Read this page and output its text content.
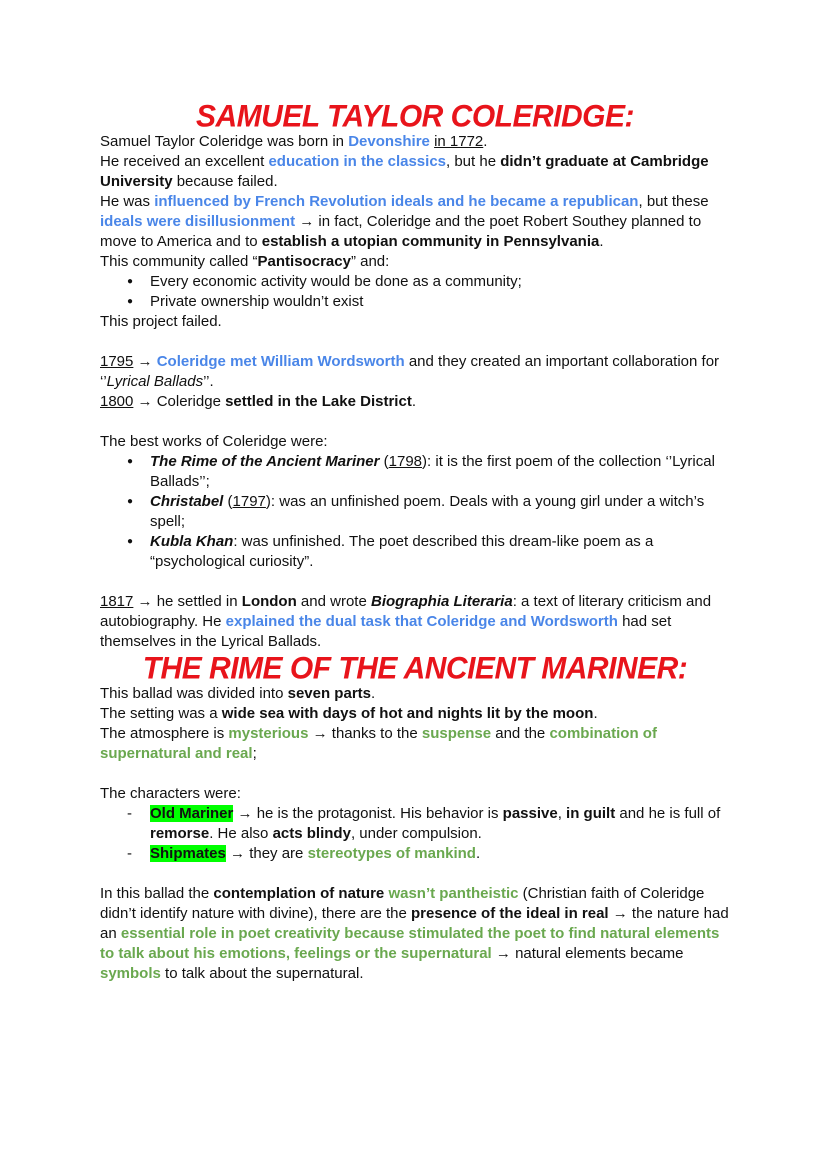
SAMUEL TAYLOR COLERIDGE:
Samuel Taylor Coleridge was born in Devonshire in 1772.
He received an excellent education in the classics, but he didn’t graduate at Cambridge University because failed.
He was influenced by French Revolution ideals and he became a republican, but these ideals were disillusionment → in fact, Coleridge and the poet Robert Southey planned to move to America and to establish a utopian community in Pennsylvania.
This community called “Pantisocracy” and:
● Every economic activity would be done as a community;
● Private ownership wouldn’t exist
This project failed.
1795 → Coleridge met William Wordsworth and they created an important collaboration for ‘’Lyrical Ballads’’.
1800 → Coleridge settled in the Lake District.
The best works of Coleridge were:
● The Rime of the Ancient Mariner (1798): it is the first poem of the collection ‘’Lyrical Ballads’’;
● Christabel (1797): was an unfinished poem. Deals with a young girl under a witch’s spell;
● Kubla Khan: was unfinished. The poet described this dream-like poem as a “psychological curiosity”.
1817 → he settled in London and wrote Biographia Literaria: a text of literary criticism and autobiography. He explained the dual task that Coleridge and Wordsworth had set themselves in the Lyrical Ballads.
THE RIME OF THE ANCIENT MARINER:
This ballad was divided into seven parts.
The setting was a wide sea with days of hot and nights lit by the moon.
The atmosphere is mysterious → thanks to the suspense and the combination of supernatural and real;
The characters were:
- Old Mariner → he is the protagonist. His behavior is passive, in guilt and he is full of remorse. He also acts blindy, under compulsion.
- Shipmates → they are stereotypes of mankind.
In this ballad the contemplation of nature wasn’t pantheistic (Christian faith of Coleridge didn’t identify nature with divine), there are the presence of the ideal in real → the nature had an essential role in poet creativity because stimulated the poet to find natural elements to talk about his emotions, feelings or the supernatural → natural elements became symbols to talk about the supernatural.
